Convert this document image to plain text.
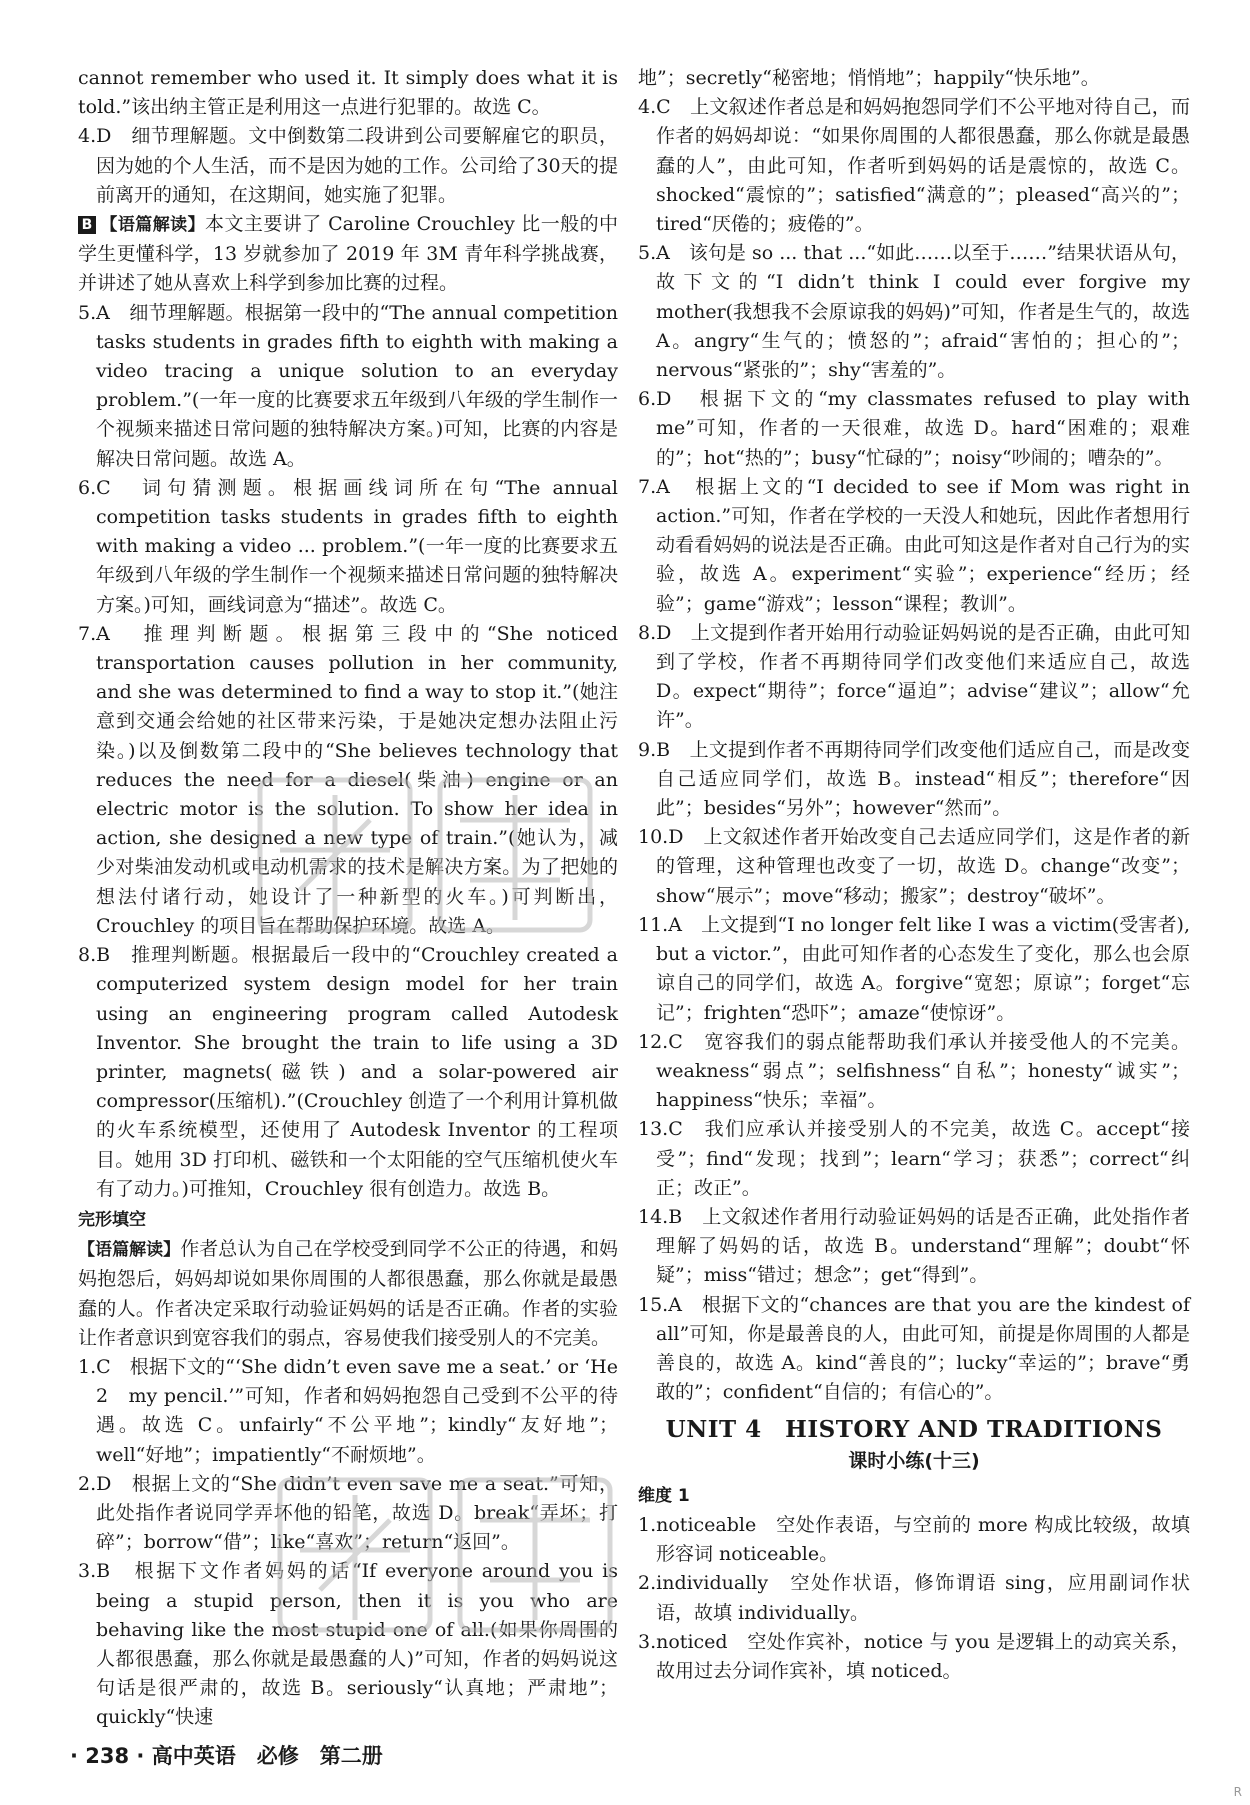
cannot remember who used it. It simply does what it is told.”该出纳主管正是利用这一点进行犯罪的。故选 C。

4.D　细节理解题。文中倒数第二段讲到公司要解雇它的职员，因为她的个人生活，而不是因为她的工作。公司给了30天的提前离开的通知，在这期间，她实施了犯罪。

B 【语篇解读】本文主要讲了 Caroline Crouchley 比一般的中学生更懂科学，13 岁就参加了 2019 年 3M 青年科学挑战赛，并讲述了她从喜欢上科学到参加比赛的过程。

5.A　细节理解题。根据第一段中的“The annual competition tasks students in grades fifth to eighth with making a video tracing a unique solution to an everyday problem.”(一年一度的比赛要求五年级到八年级的学生制作一个视频来描述日常问题的独特解决方案。)可知，比赛的内容是解决日常问题。故选 A。

6.C　词句猜测题。根据画线词所在句“The annual competition tasks students in grades fifth to eighth with making a video ... problem.”(一年一度的比赛要求五年级到八年级的学生制作一个视频来描述日常问题的独特解决方案。)可知，画线词意为“描述”。故选 C。

7.A　推理判断题。根据第三段中的“She noticed transportation causes pollution in her community, and she was determined to find a way to stop it.”(她注意到交通会给她的社区带来污染，于是她决定想办法阻止污染。)以及倒数第二段中的“She believes technology that reduces the need for a diesel(柴油) engine or an electric motor is the solution. To show her idea in action, she designed a new type of train.”(她认为，减少对柴油发动机或电动机需求的技术是解决方案。为了把她的想法付诸行动，她设计了一种新型的火车。)可判断出，Crouchley 的项目旨在帮助保护环境。故选 A。

8.B　推理判断题。根据最后一段中的“Crouchley created a computerized system design model for her train using an engineering program called Autodesk Inventor. She brought the train to life using a 3D printer, magnets(磁铁) and a solar-powered air compressor(压缩机).”(Crouchley 创造了一个利用计算机做的火车系统模型，还使用了 Autodesk Inventor 的工程项目。她用 3D 打印机、磁铁和一个太阳能的空气压缩机使火车有了动力。)可推知，Crouchley 很有创造力。故选 B。

完形填空

【语篇解读】作者总认为自己在学校受到同学不公正的待遇，和妈妈抱怨后，妈妈却说如果你周围的人都很愚蠢，那么你就是最愚蠢的人。作者决定采取行动验证妈妈的话是否正确。作者的实验让作者意识到宽容我们的弱点，容易使我们接受别人的不完美。

1.C　根据下文的“‘She didn’t even save me a seat.’ or ‘He　2　my pencil.’”可知，作者和妈妈抱怨自己受到不公平的待遇。故选 C。unfairly“不公平地”；kindly“友好地”；well“好地”；impatiently“不耐烦地”。

2.D　根据上文的“She didn’t even save me a seat.”可知，此处指作者说同学弄坏他的铅笔，故选 D。break“弄坏；打碎”；borrow“借”；like“喜欢”；return“返回”。

3.B　根据下文作者妈妈的话“If everyone around you is being a stupid person, then it is you who are behaving like the most stupid one of all.(如果你周围的人都很愚蠢，那么你就是最愚蠢的人)”可知，作者的妈妈说这句话是很严肃的，故选 B。seriously“认真地；严肃地”；quickly“快速

地”；secretly“秘密地；悄悄地”；happily“快乐地”。

4.C　上文叙述作者总是和妈妈抱怨同学们不公平地对待自己，而作者的妈妈却说：“如果你周围的人都很愚蠢，那么你就是最愚蠢的人”，由此可知，作者听到妈妈的话是震惊的，故选 C。shocked“震惊的”；satisfied“满意的”；pleased“高兴的”；tired“厌倦的；疲倦的”。

5.A　该句是 so ... that ...“如此……以至于……”结果状语从句，故下文的“I didn’t think I could ever forgive my mother(我想我不会原谅我的妈妈)”可知，作者是生气的，故选 A。angry“生气的；愤怒的”；afraid“害怕的；担心的”；nervous“紧张的”；shy“害羞的”。

6.D　根据下文的“my classmates refused to play with me”可知，作者的一天很难，故选 D。hard“困难的；艰难的”；hot“热的”；busy“忙碌的”；noisy“吵闹的；嘈杂的”。

7.A　根据上文的“I decided to see if Mom was right in action.”可知，作者在学校的一天没人和她玩，因此作者想用行动看看妈妈的说法是否正确。由此可知这是作者对自己行为的实验，故选 A。experiment“实验”；experience“经历；经验”；game“游戏”；lesson“课程；教训”。

8.D　上文提到作者开始用行动验证妈妈说的是否正确，由此可知到了学校，作者不再期待同学们改变他们来适应自己，故选 D。expect“期待”；force“逼迫”；advise“建议”；allow“允许”。

9.B　上文提到作者不再期待同学们改变他们适应自己，而是改变自己适应同学们，故选 B。instead“相反”；therefore“因此”；besides“另外”；however“然而”。

10.D　上文叙述作者开始改变自己去适应同学们，这是作者的新的管理，这种管理也改变了一切，故选 D。change“改变”；show“展示”；move“移动；搬家”；destroy“破坏”。

11.A　上文提到“I no longer felt like I was a victim(受害者), but a victor.”，由此可知作者的心态发生了变化，那么也会原谅自己的同学们，故选 A。forgive“宽恕；原谅”；forget“忘记”；frighten“恐吓”；amaze“使惊讶”。

12.C　宽容我们的弱点能帮助我们承认并接受他人的不完美。weakness“弱点”；selfishness“自私”；honesty“诚实”；happiness“快乐；幸福”。

13.C　我们应承认并接受别人的不完美，故选 C。accept“接受”；find“发现；找到”；learn“学习；获悉”；correct“纠正；改正”。

14.B　上文叙述作者用行动验证妈妈的话是否正确，此处指作者理解了妈妈的话，故选 B。understand“理解”；doubt“怀疑”；miss“错过；想念”；get“得到”。

15.A　根据下文的“chances are that you are the kindest of all”可知，你是最善良的人，由此可知，前提是你周围的人都是善良的，故选 A。kind“善良的”；lucky“幸运的”；brave“勇敢的”；confident“自信的；有信心的”。

UNIT 4　HISTORY AND TRADITIONS

课时小练(十三)

维度 1

1.noticeable　空处作表语，与空前的 more 构成比较级，故填形容词 noticeable。

2.individually　空处作状语，修饰谓语 sing，应用副词作状语，故填 individually。

3.noticed　空处作宾补，notice 与 you 是逻辑上的动宾关系，故用过去分词作宾补，填 noticed。

· 238 · 高中英语　必修　第二册
R
